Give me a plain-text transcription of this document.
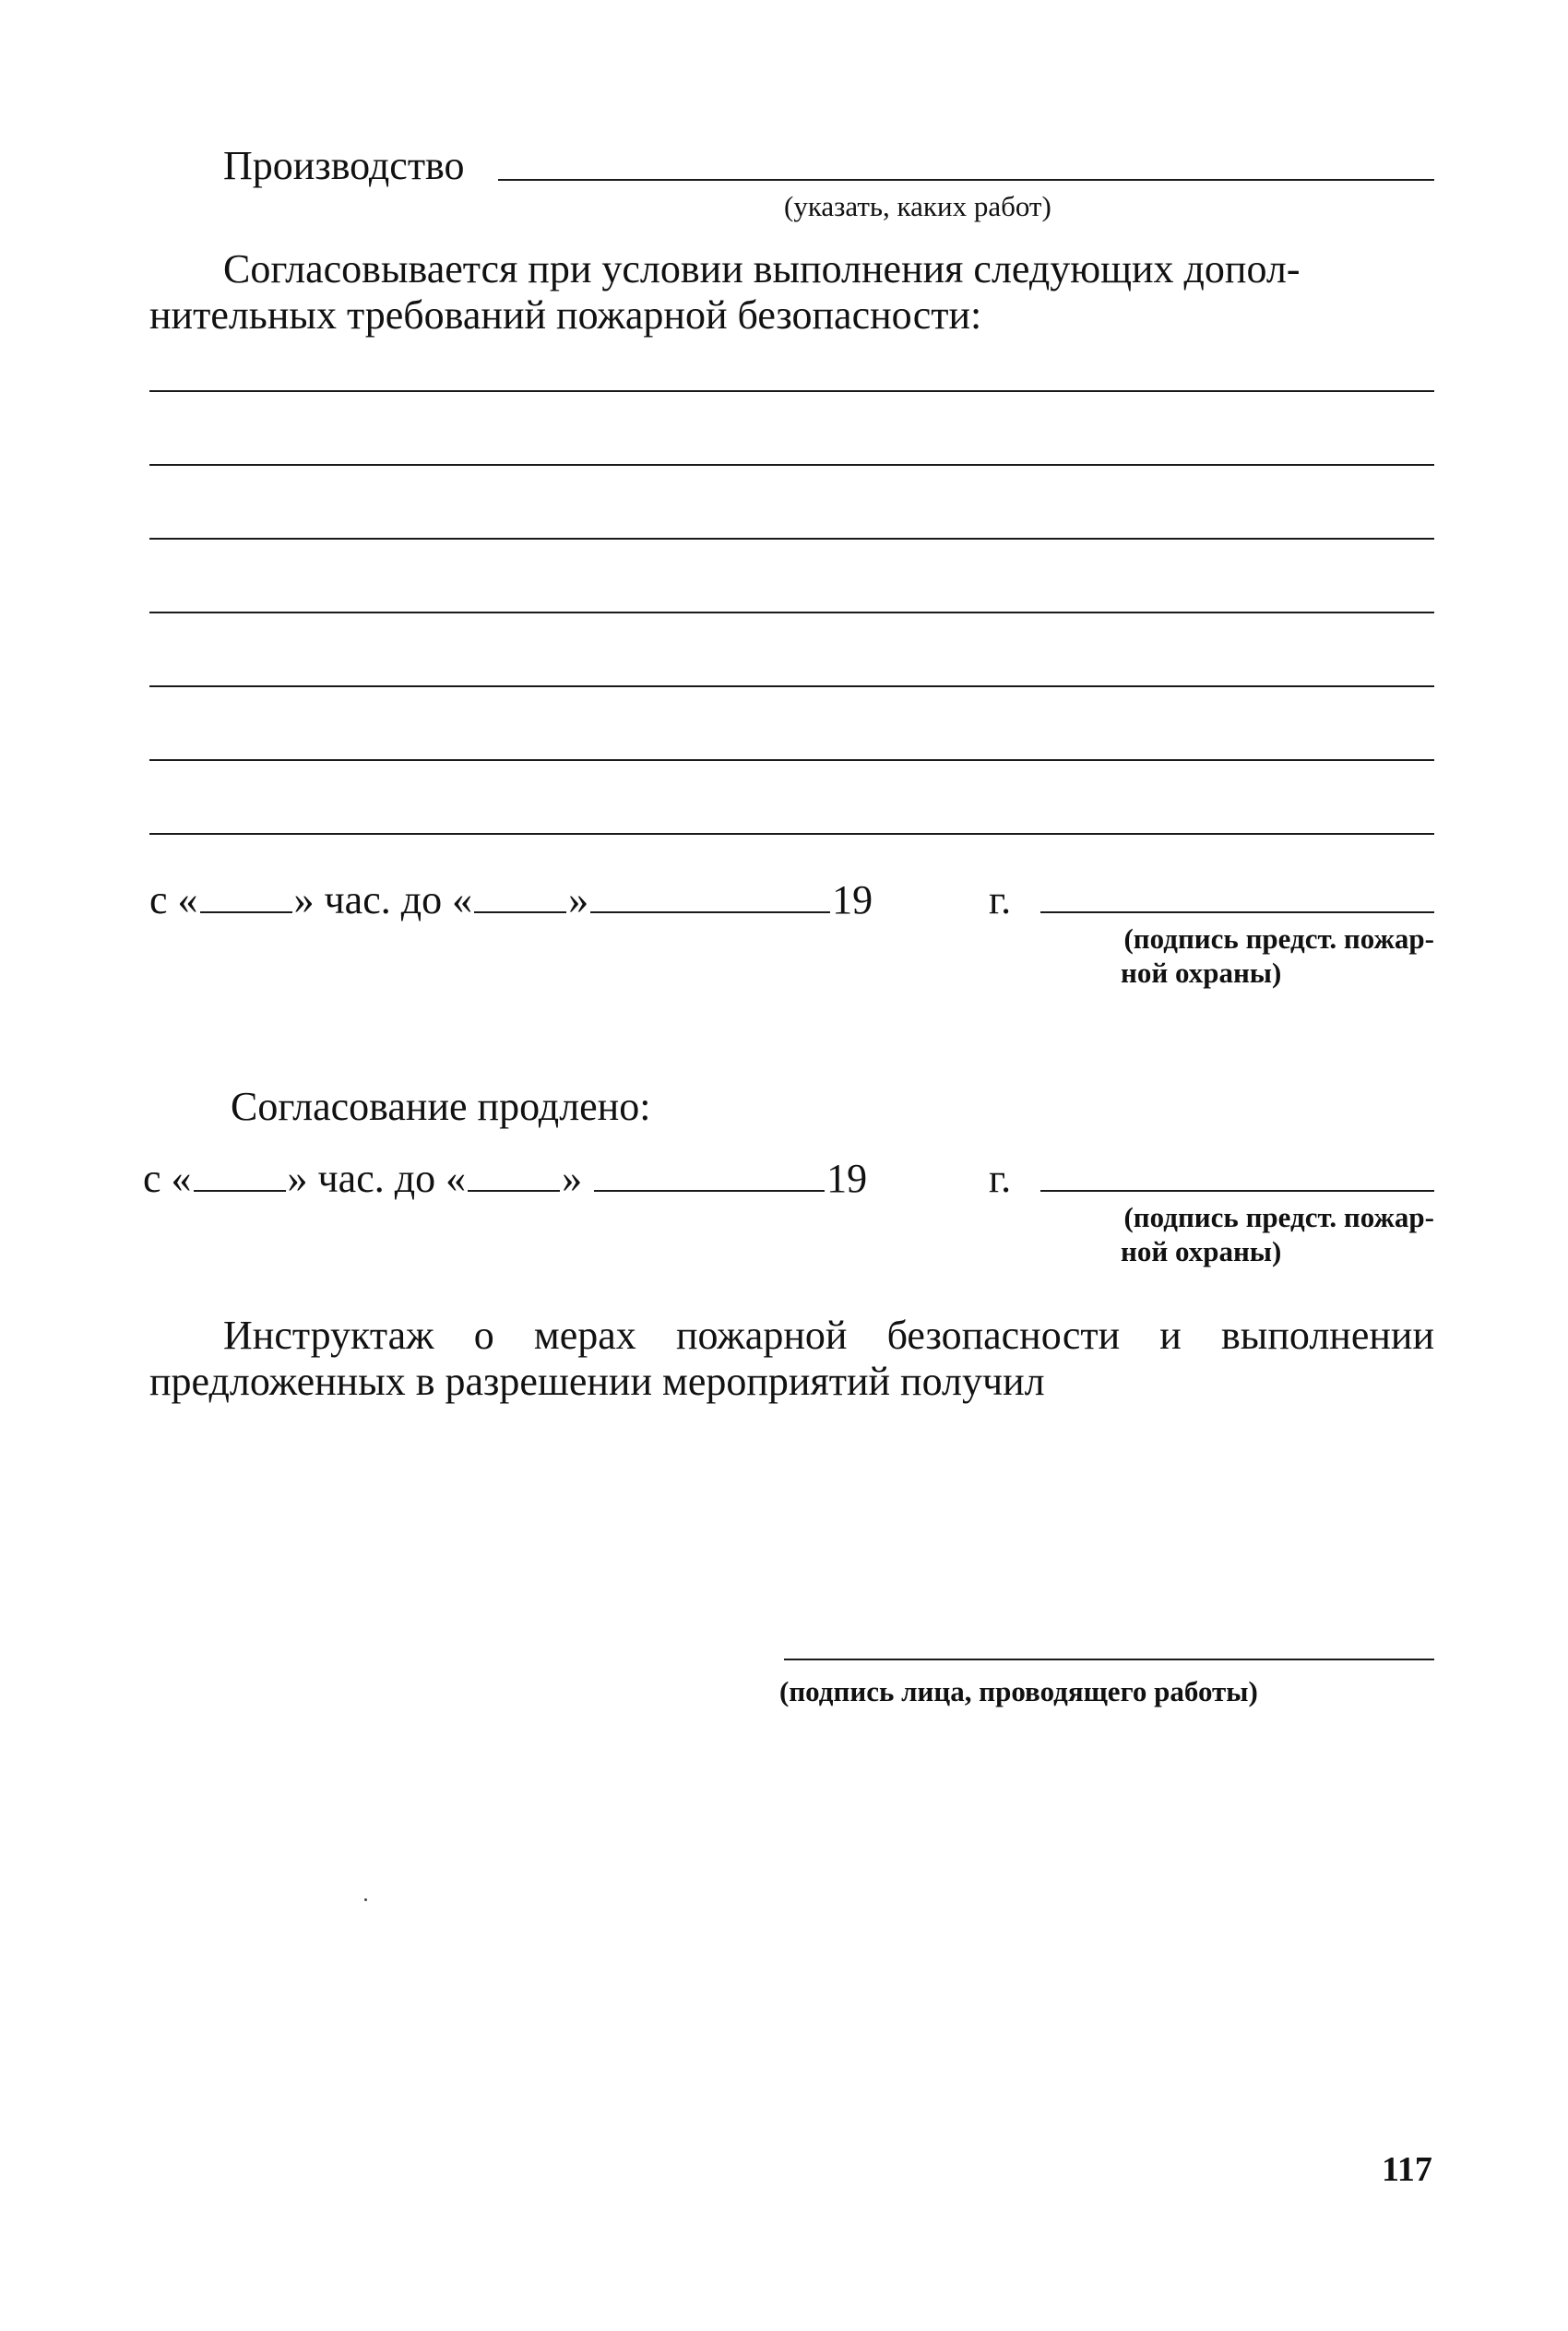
Производство
(указать, каких работ)
Согласовывается при условии выполнения следующих допол-
нительных требований пожарной безопасности:
с « » час. до « »	19	г.
(подпись предст. пожар-
ной охраны)
Согласование продлено:
с « » час. до « »	19	г.
(подпись предст. пожар-
ной охраны)
Инструктаж о мерах пожарной безопасности и выполнении
предложенных в разрешении мероприятий получил
(подпись лица, проводящего работы)
117
